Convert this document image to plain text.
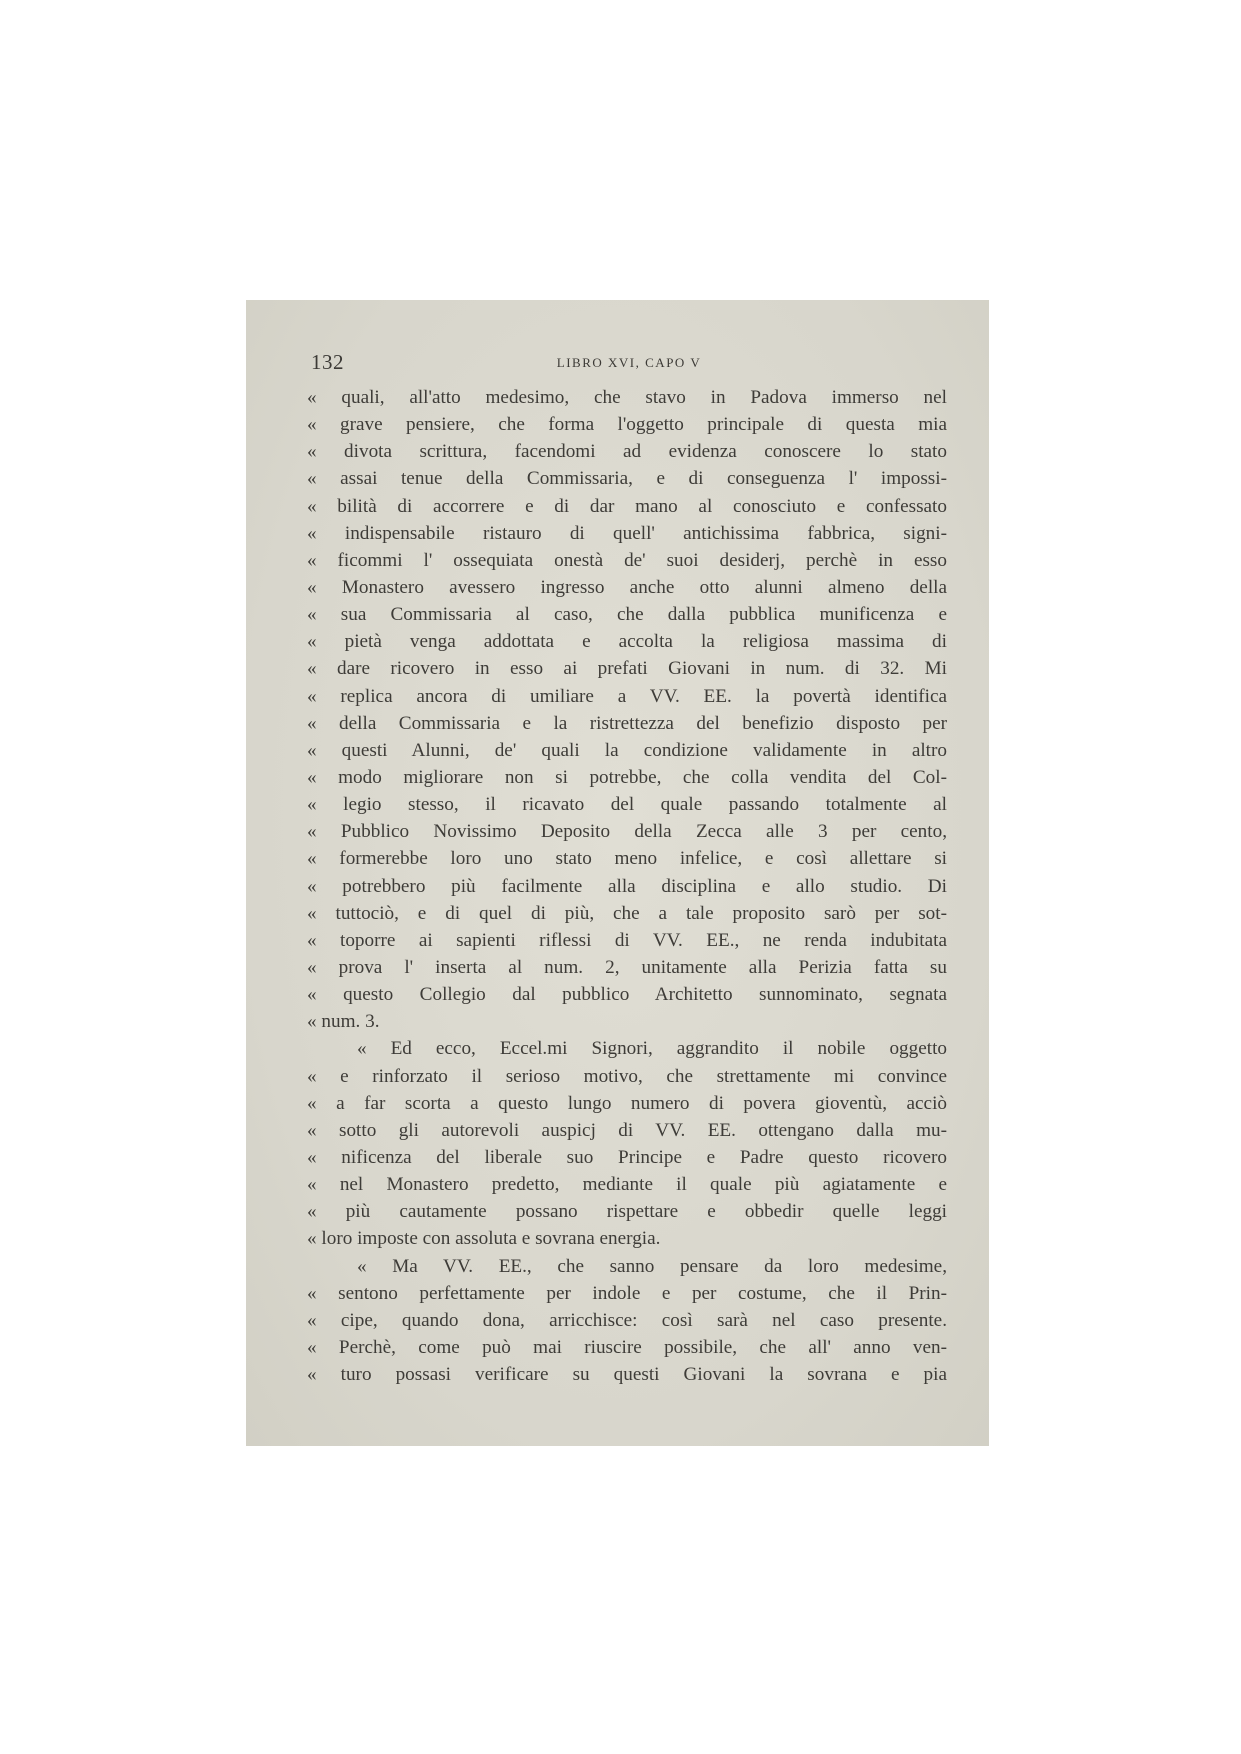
132	LIBRO XVI, CAPO V
« quali, all'atto medesimo, che stavo in Padova immerso nel
« grave pensiere, che forma l'oggetto principale di questa mia
« divota scrittura, facendomi ad evidenza conoscere lo stato
« assai tenue della Commissaria, e di conseguenza l' impossi-
« bilità di accorrere e di dar mano al conosciuto e confessato
« indispensabile ristauro di quell' antichissima fabbrica, signi-
« ficommi l' ossequiata onestà de' suoi desiderj, perchè in esso
« Monastero avessero ingresso anche otto alunni almeno della
« sua Commissaria al caso, che dalla pubblica munificenza e
« pietà venga addottata e accolta la religiosa massima di
« dare ricovero in esso ai prefati Giovani in num. di 32. Mi
« replica ancora di umiliare a VV. EE. la povertà identifica
« della Commissaria e la ristrettezza del benefizio disposto per
« questi Alunni, de' quali la condizione validamente in altro
« modo migliorare non si potrebbe, che colla vendita del Col-
« legio stesso, il ricavato del quale passando totalmente al
« Pubblico Novissimo Deposito della Zecca alle 3 per cento,
« formerebbe loro uno stato meno infelice, e così allettare si
« potrebbero più facilmente alla disciplina e allo studio. Di
« tuttociò, e di quel di più, che a tale proposito sarò per sot-
« toporre ai sapienti riflessi di VV. EE., ne renda indubitata
« prova l' inserta al num. 2, unitamente alla Perizia fatta su
« questo Collegio dal pubblico Architetto sunnominato, segnata
« num. 3.
« Ed ecco, Eccel.mi Signori, aggrandito il nobile oggetto
« e rinforzato il serioso motivo, che strettamente mi convince
« a far scorta a questo lungo numero di povera gioventù, acciò
« sotto gli autorevoli auspicj di VV. EE. ottengano dalla mu-
« nificenza del liberale suo Principe e Padre questo ricovero
« nel Monastero predetto, mediante il quale più agiatamente e
« più cautamente possano rispettare e obbedir quelle leggi
« loro imposte con assoluta e sovrana energia.
« Ma VV. EE., che sanno pensare da loro medesime,
« sentono perfettamente per indole e per costume, che il Prin-
« cipe, quando dona, arricchisce: così sarà nel caso presente.
« Perchè, come può mai riuscire possibile, che all' anno ven-
« turo possasi verificare su questi Giovani la sovrana e pia
